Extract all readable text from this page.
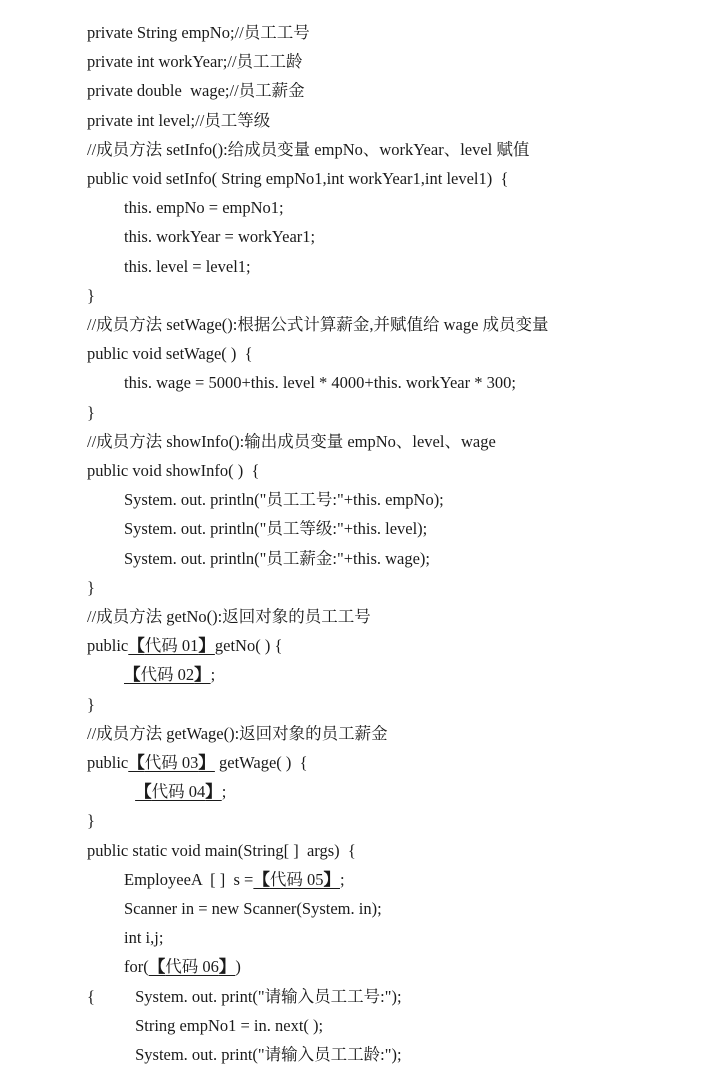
private String empNo;//员工工号
private int workYear;//员工工龄
private double  wage;//员工薪金
private int level;//员工等级
//成员方法 setInfo():给成员变量 empNo、workYear、level 赋值
public void setInfo( String empNo1,int workYear1,int level1)  {
this. empNo = empNo1;
this. workYear = workYear1;
this. level = level1;
}
//成员方法 setWage():根据公式计算薪金,并赋值给 wage 成员变量
public void setWage( )  {
this. wage = 5000+this. level * 4000+this. workYear * 300;
}
//成员方法 showInfo():输出成员变量 empNo、level、wage
public void showInfo( )  {
System. out. println("员工工号:"+this. empNo);
System. out. println("员工等级:"+this. level);
System. out. println("员工薪金:"+this. wage);
}
//成员方法 getNo():返回对象的员工工号
public【代码 01】getNo( ) {
【代码 02】;
}
//成员方法 getWage():返回对象的员工薪金
public【代码 03】 getWage( )  {
【代码 04】;
}
public static void main(String[ ]  args)  {
EmployeeA  [ ]  s =【代码 05】;
Scanner in = new Scanner(System. in);
int i,j;
for(【代码 06】)
{ System. out. print("请输入员工工号:");
String empNo1 = in. next( );
System. out. print("请输入员工工龄:");
